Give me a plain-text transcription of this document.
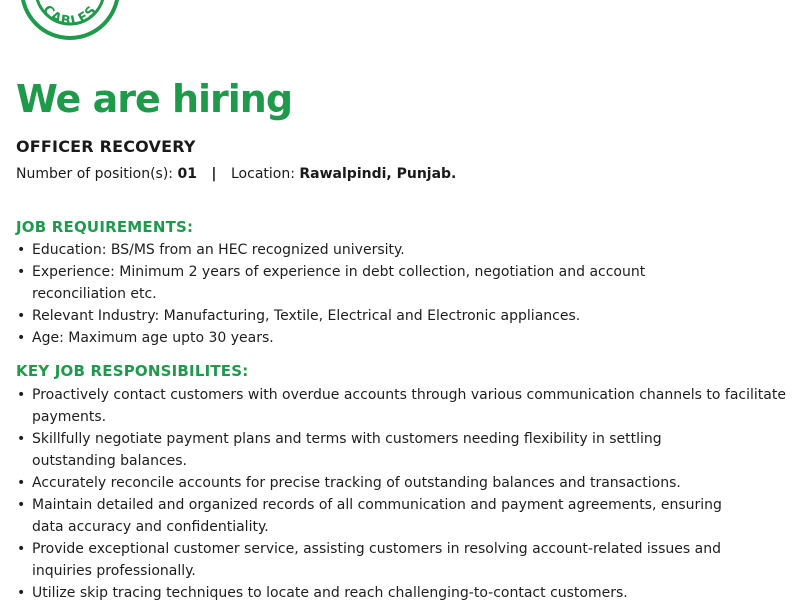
CABLES
We are hiring
OFFICER RECOVERY
Number of position(s): 01 | Location: Rawalpindi, Punjab.
JOB REQUIREMENTS:
• Education: BS/MS from an HEC recognized university.
• Experience: Minimum 2 years of experience in debt collection, negotiation and account reconciliation etc.
• Relevant Industry: Manufacturing, Textile, Electrical and Electronic appliances.
• Age: Maximum age upto 30 years.
KEY JOB RESPONSIBILITES:
• Proactively contact customers with overdue accounts through various communication channels to facilitate payments.
• Skillfully negotiate payment plans and terms with customers needing flexibility in settling outstanding balances.
• Accurately reconcile accounts for precise tracking of outstanding balances and transactions.
• Maintain detailed and organized records of all communication and payment agreements, ensuring data accuracy and confidentiality.
• Provide exceptional customer service, assisting customers in resolving account-related issues and inquiries professionally.
• Utilize skip tracing techniques to locate and reach challenging-to-contact customers.
